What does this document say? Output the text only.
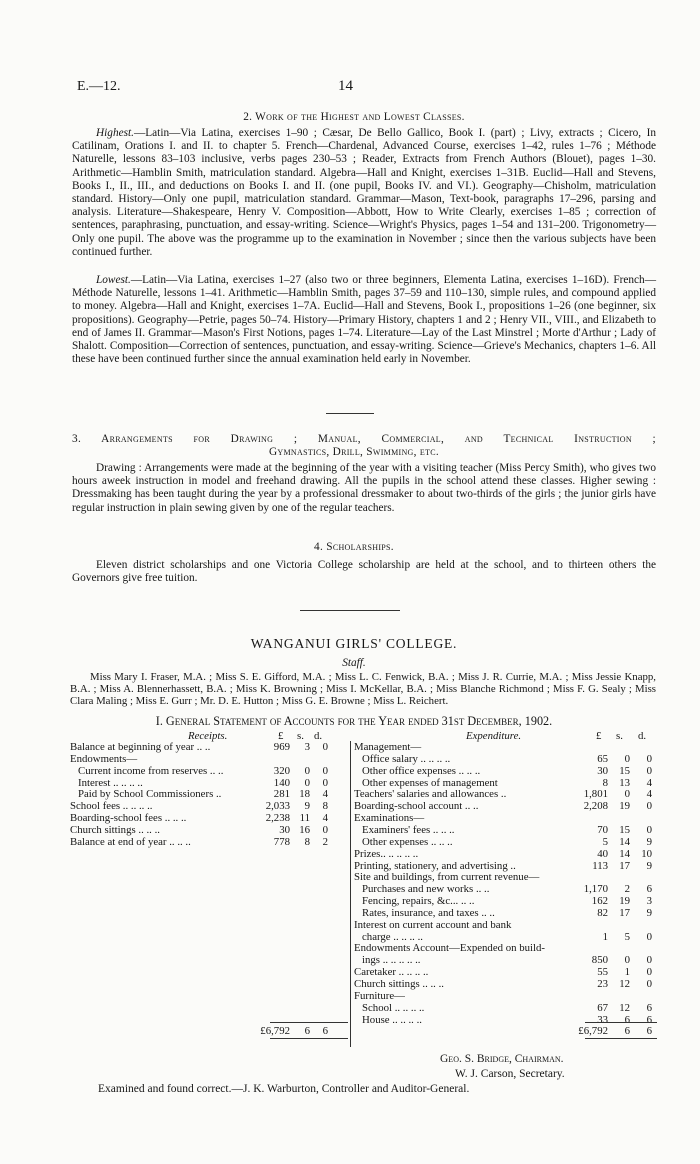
E.—12.	14
2. Work of the Highest and Lowest Classes.
Highest.—Latin—Via Latina, exercises 1–90 ; Cæsar, De Bello Gallico, Book I. (part) ; Livy, extracts ; Cicero, In Catilinam, Orations I. and II. to chapter 5. French—Chardenal, Advanced Course, exercises 1–42, rules 1–76 ; Méthode Naturelle, lessons 83–103 inclusive, verbs pages 230–53 ; Reader, Extracts from French Authors (Blouet), pages 1–30. Arithmetic—Hamblin Smith, matriculation standard. Algebra—Hall and Knight, exercises 1–31B. Euclid—Hall and Stevens, Books I., II., III., and deductions on Books I. and II. (one pupil, Books IV. and VI.). Geography—Chisholm, matriculation standard. History—Only one pupil, matriculation standard. Grammar—Mason, Text-book, paragraphs 17–296, parsing and analysis. Literature—Shakespeare, Henry V. Composition—Abbott, How to Write Clearly, exercises 1–85 ; correction of sentences, paraphrasing, punctuation, and essay-writing. Science—Wright's Physics, pages 1–54 and 131–200. Trigonometry—Only one pupil. The above was the programme up to the examination in November ; since then the various subjects have been continued further.
Lowest.—Latin—Via Latina, exercises 1–27 (also two or three beginners, Elementa Latina, exercises 1–16D). French—Méthode Naturelle, lessons 1–41. Arithmetic—Hamblin Smith, pages 37–59 and 110–130, simple rules, and compound applied to money. Algebra—Hall and Knight, exercises 1–7A. Euclid—Hall and Stevens, Book I., propositions 1–26 (one beginner, six propositions). Geography—Petrie, pages 50–74. History—Primary History, chapters 1 and 2 ; Henry VII., VIII., and Elizabeth to end of James II. Grammar—Mason's First Notions, pages 1–74. Literature—Lay of the Last Minstrel ; Morte d'Arthur ; Lady of Shalott. Composition—Correction of sentences, punctuation, and essay-writing. Science—Grieve's Mechanics, chapters 1–6. All these have been continued further since the annual examination held early in November.
3. Arrangements for Drawing ; Manual, Commercial, and Technical Instruction ;
Gymnastics, Drill, Swimming, etc.
Drawing : Arrangements were made at the beginning of the year with a visiting teacher (Miss Percy Smith), who gives two hours aweek instruction in model and freehand drawing. All the pupils in the school attend these classes. Higher sewing : Dressmaking has been taught during the year by a professional dressmaker to about two-thirds of the girls ; the junior girls have regular instruction in plain sewing given by one of the regular teachers.
4. Scholarships.
Eleven district scholarships and one Victoria College scholarship are held at the school, and to thirteen others the Governors give free tuition.
WANGANUI GIRLS' COLLEGE.
Staff.
Miss Mary I. Fraser, M.A. ; Miss S. E. Gifford, M.A. ; Miss L. C. Fenwick, B.A. ; Miss J. R. Currie, M.A. ; Miss Jessie Knapp, B.A. ; Miss A. Blennerhassett, B.A. ; Miss K. Browning ; Miss I. McKellar, B.A. ; Miss Blanche Richmond ; Miss F. G. Sealy ; Miss Clara Maling ; Miss E. Gurr ; Mr. D. E. Hutton ; Miss G. E. Browne ; Miss L. Reichert.
I. General Statement of Accounts for the Year ended 31st December, 1902.
Receipts.	£ s. d.	Expenditure.	£ s. d.
Balance at beginning of year .. ..	969	3	0
Endowments—
Current income from reserves .. ..	320	0	0
Interest .. .. .. ..	140	0	0
Paid by School Commissioners ..	281 18	4
School fees .. .. .. ..	2,033	9	8
Boarding-school fees .. .. ..	2,238 11	4
Church sittings .. .. ..	30 16	0
Balance at end of year .. .. ..	778	8	2
Management—
Office salary .. .. .. ..	65	0	0
Other office expenses .. .. ..	30	15	0
Other expenses of management	8	13	4
Teachers' salaries and allowances ..	1,801	0	4
Boarding-school account .. ..	2,208	19	0
Examinations—
Examiners' fees .. .. ..	70	15	0
Other expenses .. .. ..	5	14	9
Prizes.. .. .. .. ..	40	14	10
Printing, stationery, and advertising ..	113	17	9
Site and buildings, from current revenue—
Purchases and new works .. ..	1,170	2	6
Fencing, repairs, &c... .. ..	162	19	3
Rates, insurance, and taxes .. ..	82	17	9
Interest on current account and bank
charge .. .. .. ..	1	5	0
Endowments Account—Expended on build-
ings .. .. .. .. ..	850	0	0
Caretaker .. .. .. ..	55	1	0
Church sittings .. .. ..	23	12	0
Furniture—
School .. .. .. ..	67	12	6
House .. .. .. ..	33	6	6
£6,792	6	6	£6,792	6	6
Geo. S. Bridge, Chairman.
W. J. Carson, Secretary.
Examined and found correct.—J. K. Warburton, Controller and Auditor-General.
